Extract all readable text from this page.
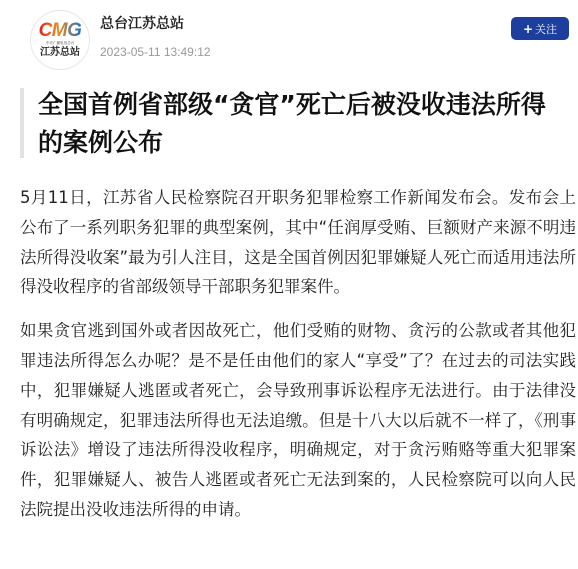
CMG
中央广播电视总台
江苏总站
总台江苏总站
2023-05-11 13:49:12
+ 关注
全国首例省部级“贪官”死亡后被没收违法所得的案例公布

5月11日，江苏省人民检察院召开职务犯罪检察工作新闻发布会。发布会上公布了一系列职务犯罪的典型案例，其中“任润厚受贿、巨额财产来源不明违法所得没收案”最为引人注目，这是全国首例因犯罪嫌疑人死亡而适用违法所得没收程序的省部级领导干部职务犯罪案件。

如果贪官逃到国外或者因故死亡，他们受贿的财物、贪污的公款或者其他犯罪违法所得怎么办呢？是不是任由他们的家人“享受”了？在过去的司法实践中，犯罪嫌疑人逃匿或者死亡，会导致刑事诉讼程序无法进行。由于法律没有明确规定，犯罪违法所得也无法追缴。但是十八大以后就不一样了，《刑事诉讼法》增设了违法所得没收程序，明确规定，对于贪污贿赂等重大犯罪案件，犯罪嫌疑人、被告人逃匿或者死亡无法到案的，人民检察院可以向人民法院提出没收违法所得的申请。
